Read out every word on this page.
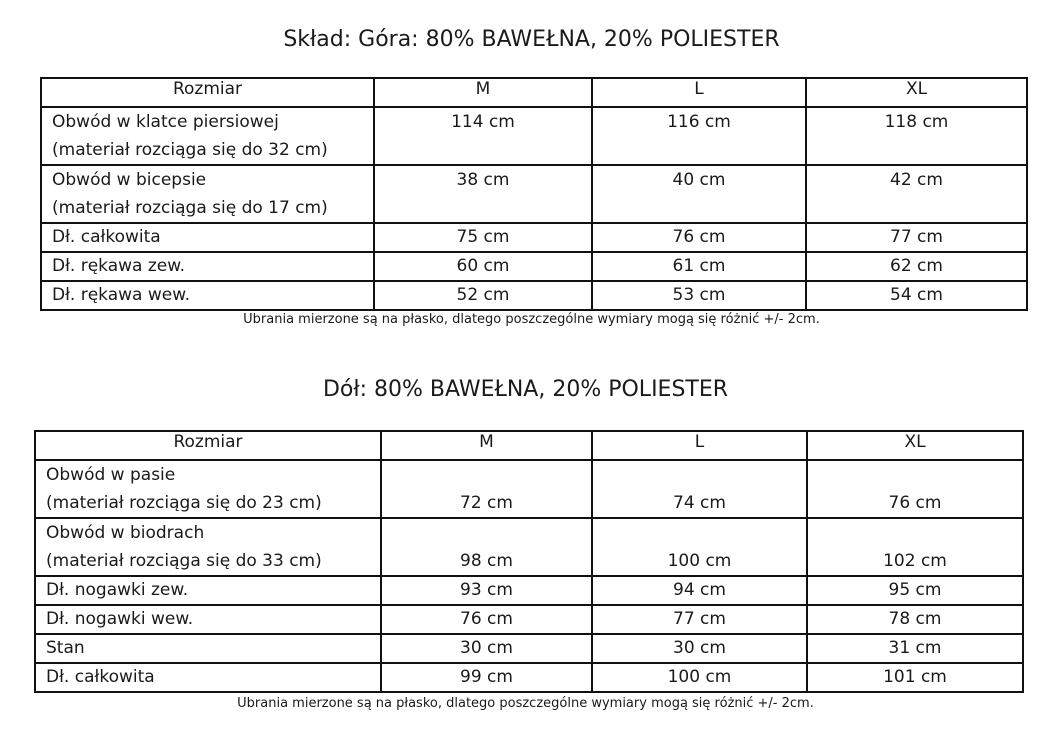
Skład: Góra: 80% BAWEŁNA, 20% POLIESTER
Rozmiar	M	L	XL

Obwód w klatce piersiowej
(materiał rozciąga się do 32 cm)	114 cm	116 cm	118 cm

Obwód w bicepsie
(materiał rozciąga się do 17 cm)	38 cm	40 cm	42 cm
Dł. całkowita	75 cm	76 cm	77 cm
Dł. rękawa zew.	60 cm	61 cm	62 cm
Dł. rękawa wew.	52 cm	53 cm	54 cm

Ubrania mierzone są na płasko, dlatego poszczególne wymiary mogą się różnić +/- 2cm.

Dół: 80% BAWEŁNA, 20% POLIESTER
Rozmiar	M	L	XL

Obwód w pasie
(materiał rozciąga się do 23 cm)	72 cm	74 cm	76 cm

Obwód w biodrach
(materiał rozciąga się do 33 cm)	98 cm	100 cm	102 cm
Dł. nogawki zew.	93 cm	94 cm	95 cm
Dł. nogawki wew.	76 cm	77 cm	78 cm
Stan	30 cm	30 cm	31 cm
Dł. całkowita	99 cm	100 cm	101 cm

Ubrania mierzone są na płasko, dlatego poszczególne wymiary mogą się różnić +/- 2cm.
